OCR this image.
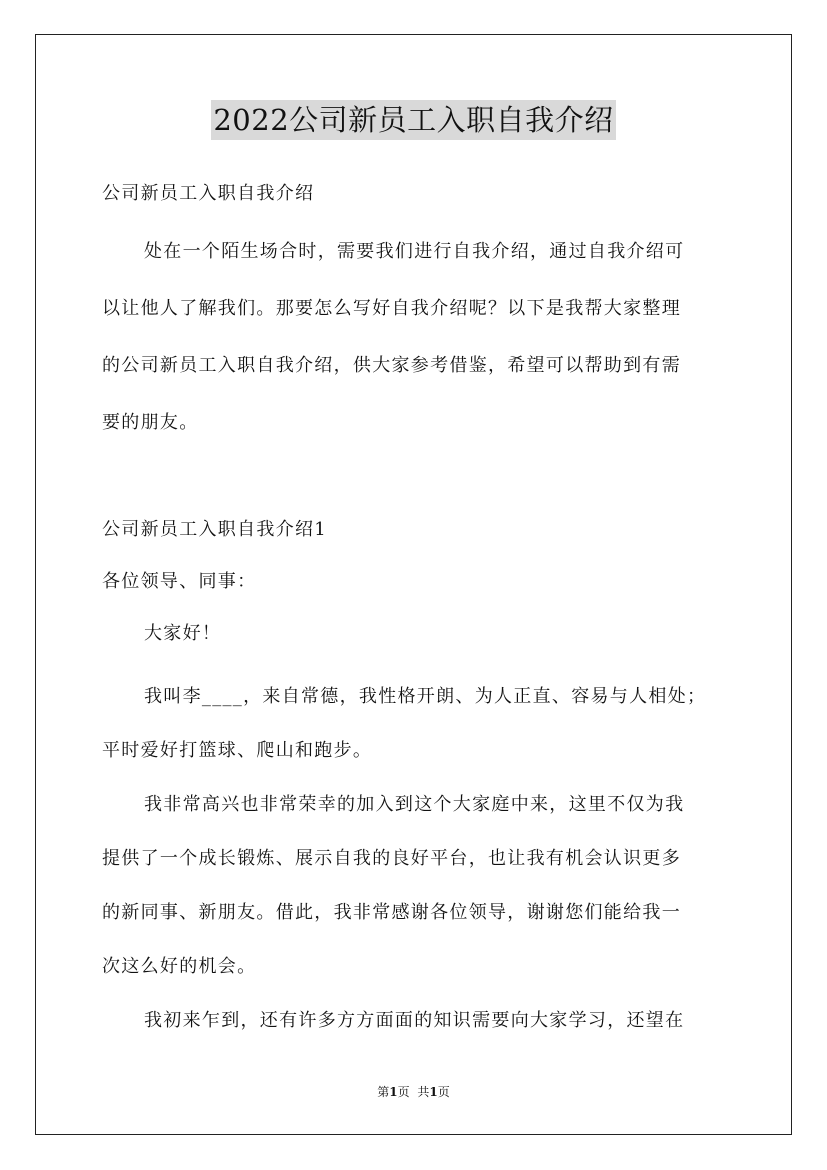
2022公司新员工入职自我介绍

公司新员工入职自我介绍

处在一个陌生场合时，需要我们进行自我介绍，通过自我介绍可

以让他人了解我们。那要怎么写好自我介绍呢？以下是我帮大家整理

的公司新员工入职自我介绍，供大家参考借鉴，希望可以帮助到有需

要的朋友。

公司新员工入职自我介绍1

各位领导、同事：

大家好！

我叫李____，来自常德，我性格开朗、为人正直、容易与人相处；

平时爱好打篮球、爬山和跑步。

我非常高兴也非常荣幸的加入到这个大家庭中来，这里不仅为我

提供了一个成长锻炼、展示自我的良好平台，也让我有机会认识更多

的新同事、新朋友。借此，我非常感谢各位领导，谢谢您们能给我一

次这么好的机会。

我初来乍到，还有许多方方面面的知识需要向大家学习，还望在

第1页 共1页
